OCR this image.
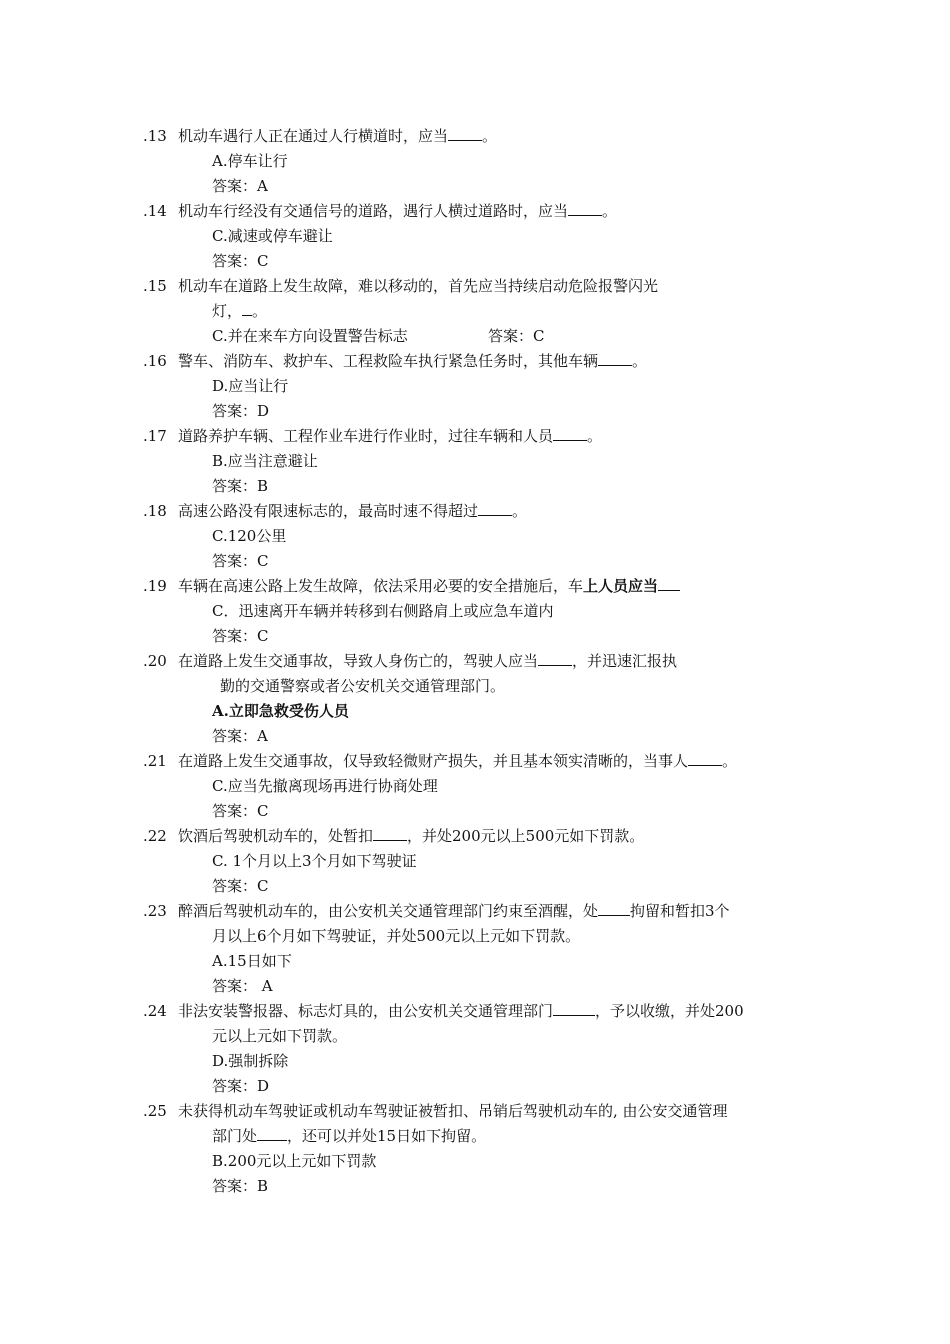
.13 机动车遇行人正在通过人行横道时，应当 。
A.停车让行
答案：A
.14 机动车行经没有交通信号的道路，遇行人横过道路时，应当 。
C.减速或停车避让
答案：C
.15 机动车在道路上发生故障，难以移动的，首先应当持续启动危险报警闪光
灯， 。
C.并在来车方向设置警告标志	答案：C
.16 警车、消防车、救护车、工程救险车执行紧急任务时，其他车辆 。
D.应当让行
答案：D
.17 道路养护车辆、工程作业车进行作业时，过往车辆和人员 。
B.应当注意避让
答案：B
.18 高速公路没有限速标志的，最高时速不得超过 。
C.120公里
答案：C
.19 车辆在高速公路上发生故障，依法采用必要的安全措施后，车上人员应当
C．迅速离开车辆并转移到右侧路肩上或应急车道内
答案：C
.20 在道路上发生交通事故，导致人身伤亡的，驾驶人应当 ，并迅速汇报执
勤的交通警察或者公安机关交通管理部门。
A.立即急救受伤人员
答案：A
.21 在道路上发生交通事故，仅导致轻微财产损失，并且基本领实清晰的，当事人 。
C.应当先撤离现场再进行协商处理
答案：C
.22 饮酒后驾驶机动车的，处暂扣 ，并处200元以上500元如下罚款。
C. 1个月以上3个月如下驾驶证
答案：C
.23 醉酒后驾驶机动车的，由公安机关交通管理部门约束至酒醒，处 拘留和暂扣3个
月以上6个月如下驾驶证，并处500元以上元如下罚款。
A.15日如下
答案： A
.24 非法安装警报器、标志灯具的，由公安机关交通管理部门	，予以收缴，并处200
元以上元如下罚款。
D.强制拆除
答案：D
.25 未获得机动车驾驶证或机动车驾驶证被暂扣、吊销后驾驶机动车的, 由公安交通管理
部门处 ，还可以并处15日如下拘留。
B.200元以上元如下罚款
答案：B
